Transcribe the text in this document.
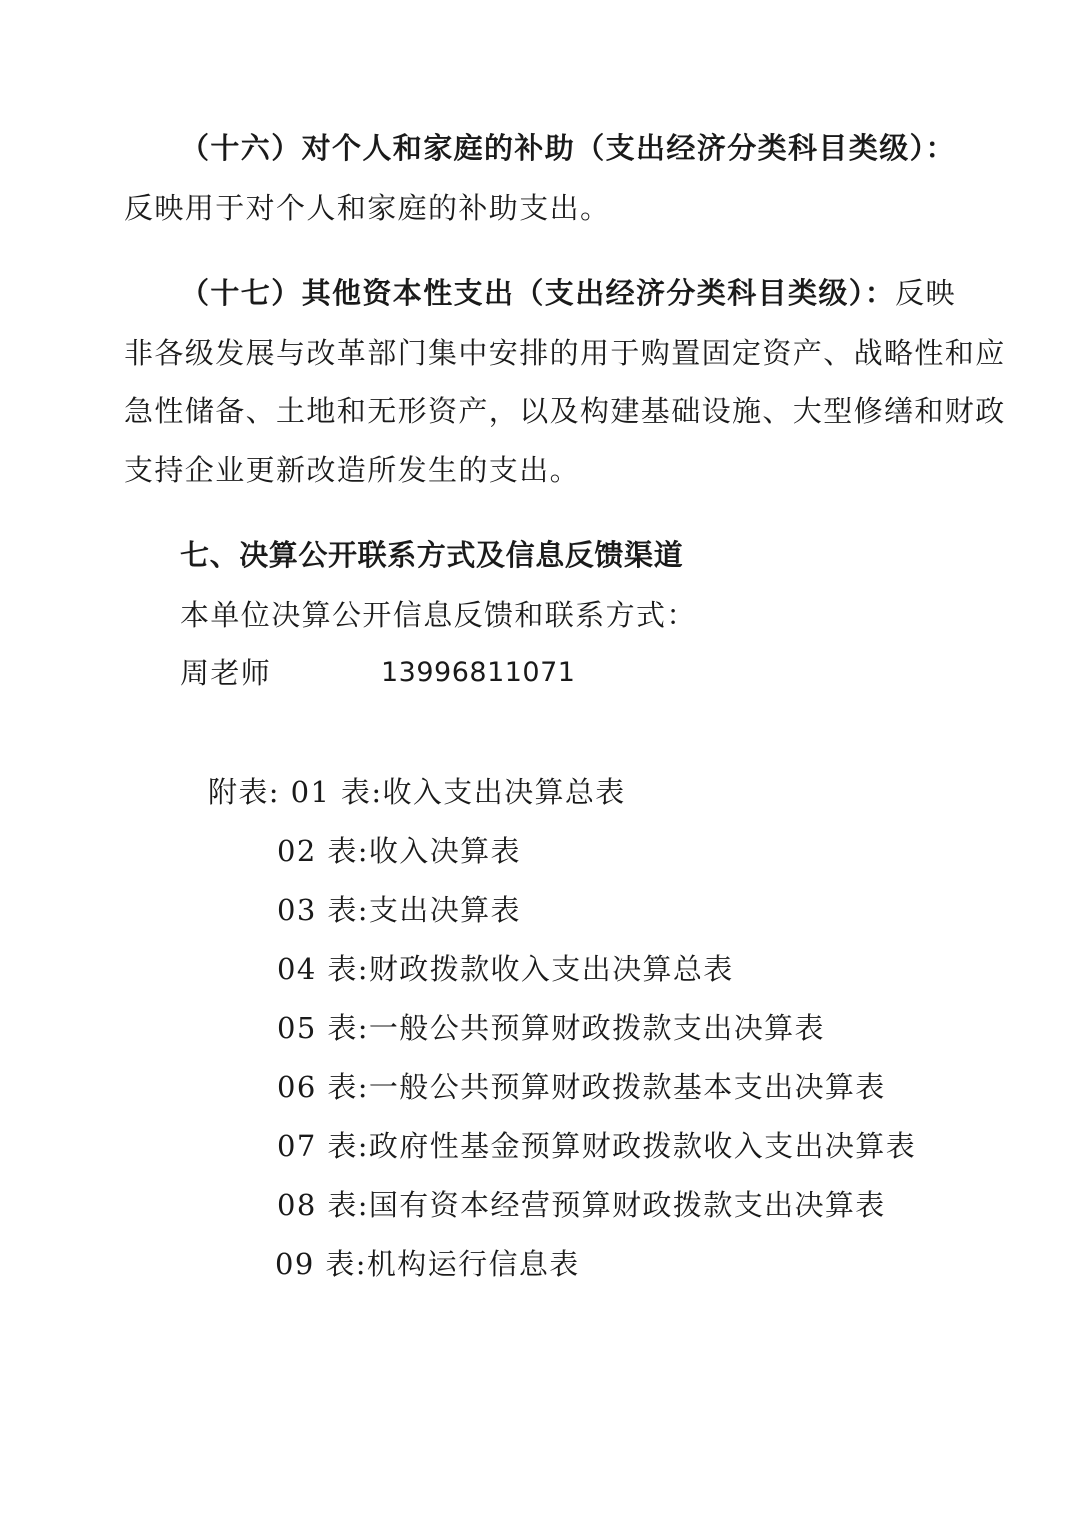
（十六）对个人和家庭的补助（支出经济分类科目类级）：
反映用于对个人和家庭的补助支出。
（十七）其他资本性支出（支出经济分类科目类级）：反映
非各级发展与改革部门集中安排的用于购置固定资产、战略性和应
急性储备、土地和无形资产，以及构建基础设施、大型修缮和财政
支持企业更新改造所发生的支出。
七、决算公开联系方式及信息反馈渠道
本单位决算公开信息反馈和联系方式：
周老师	13996811071
附表: 01 表:收入支出决算总表
02 表:收入决算表
03 表:支出决算表
04 表:财政拨款收入支出决算总表
05 表:一般公共预算财政拨款支出决算表
06 表:一般公共预算财政拨款基本支出决算表
07 表:政府性基金预算财政拨款收入支出决算表
08 表:国有资本经营预算财政拨款支出决算表
09 表:机构运行信息表
